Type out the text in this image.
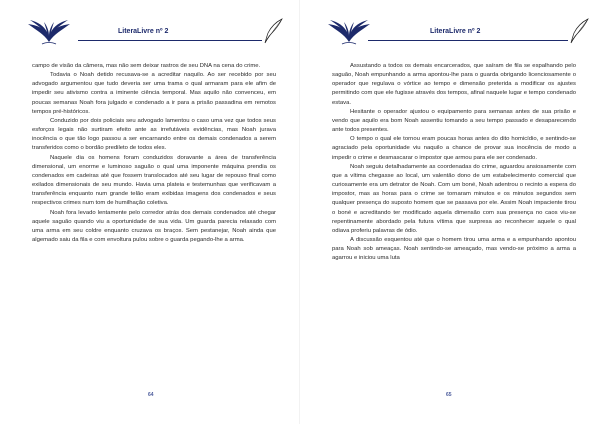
LiteraLivre nº 2

campo de visão da câmera, mas não sem deixar rastros de seu DNA na cena do crime.

Todavia o Noah detido recusava-se a acreditar naquilo. Ao ser recebido por seu advogado argumentou que tudo deveria ser uma trama o qual armaram para ele afim de impedir seu ativismo contra a iminente ciência temporal. Mas aquilo não convenceu, em poucas semanas Noah fora julgado e condenado a ir para a prisão passadina em remotos tempos pré-históricos.

Conduzido por dois policiais seu advogado lamentou o caso uma vez que todos seus esforços legais não surtiram efeito ante as irrefutáveis evidências, mas Noah jurava inocência o que tão logo passou a ser encarnando entre os demais condenados a serem transferidos como o bordão predileto de todos eles.

Naquele dia os homens foram conduzidos doravante a área de transferência dimensional, um enorme e luminoso saguão o qual uma imponente máquina prendia os condenados em cadeiras até que fossem translocados até seu lugar de repouso final como exilados dimensionais de seu mundo. Havia uma plateia e testemunhas que verificavam a transferência enquanto num grande telão eram exibidas imagens dos condenados e seus respectivos crimes num tom de humilhação coletiva.

Noah fora levado lentamente pelo corredor atrás dos demais condenados até chegar aquele saguão quando viu a oportunidade de sua vida. Um guarda parecia relaxado com uma arma em seu coldre enquanto cruzava os braços. Sem pestanejar, Noah ainda que algemado saiu da fila e com envoltura pulou sobre o guarda pegando-lhe a arma.

64
LiteraLivre nº 2

Assustando a todos os demais encarcerados, que saíram de fila se espalhando pelo saguão, Noah empunhando a arma apontou-lhe para o guarda obrigando licenciosamente o operador que regulava o vórtice ao tempo e dimensão preterida a modificar os ajustes permitindo com que ele fugisse através dos tempos, afinal naquele lugar e tempo condenado estava.

Hesitante o operador ajustou o equipamento para semanas antes de sua prisão e vendo que aquilo era bom Noah assentiu tomando a seu tempo passado e desaparecendo ante todos presentes.

O tempo o qual ele tornou eram poucas horas antes do dito homicídio, e sentindo-se agraciado pela oportunidade viu naquilo a chance de provar sua inocência de modo a impedir o crime e desmascarar o impostor que armou para ele ser condenado.

Noah seguiu detalhadamente as coordenadas do crime, aguardou ansiosamente com que a vítima chegasse ao local, um valentão dono de um estabelecimento comercial que curiosamente era um detrator de Noah. Com um boné, Noah adentrou o recinto a espera do impostor, mas as horas para o crime se tornaram minutos e os minutos segundos sem qualquer presença do suposto homem que se passava por ele. Assim Noah impaciente tirou o boné e acreditando ter modificado aquela dimensão com sua presença no caos viu-se repentinamente abordado pela futura vítima que surpresa ao reconhecer aquele o qual odiava proferiu palavras de ódio.

A discussão esquentou até que o homem tirou uma arma e a empunhando apontou para Noah sob ameaças. Noah sentindo-se ameaçado, mas vendo-se próximo a arma a agarrou e iniciou uma luta

65
